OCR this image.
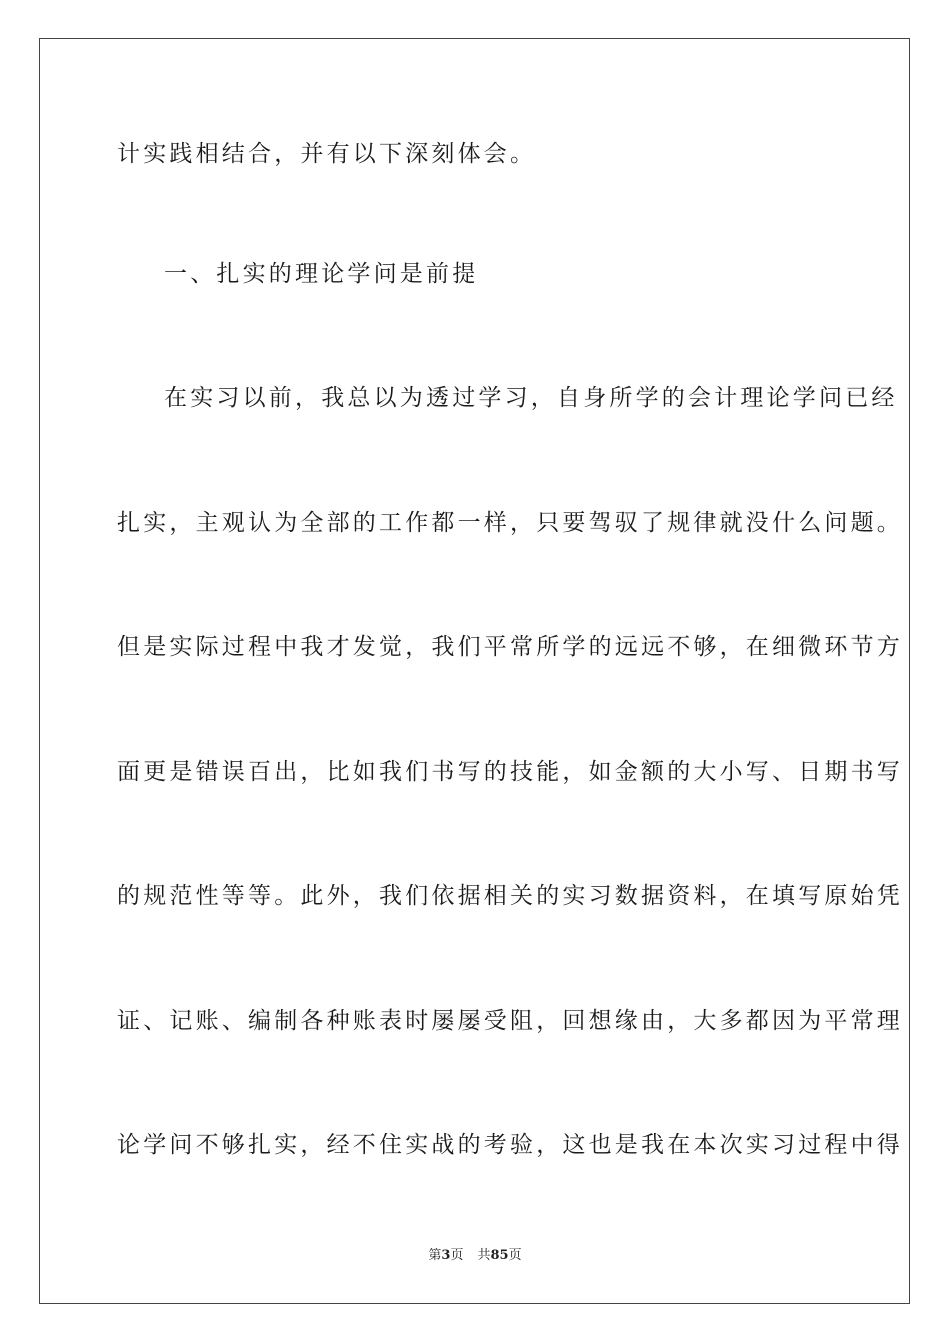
计实践相结合，并有以下深刻体会。
一、扎实的理论学问是前提
在实习以前，我总以为透过学习，自身所学的会计理论学问已经
扎实，主观认为全部的工作都一样，只要驾驭了规律就没什么问题。
但是实际过程中我才发觉，我们平常所学的远远不够，在细微环节方
面更是错误百出，比如我们书写的技能，如金额的大小写、日期书写
的规范性等等。此外，我们依据相关的实习数据资料，在填写原始凭
证、记账、编制各种账表时屡屡受阻，回想缘由，大多都因为平常理
论学问不够扎实，经不住实战的考验，这也是我在本次实习过程中得
第3页 共85页
